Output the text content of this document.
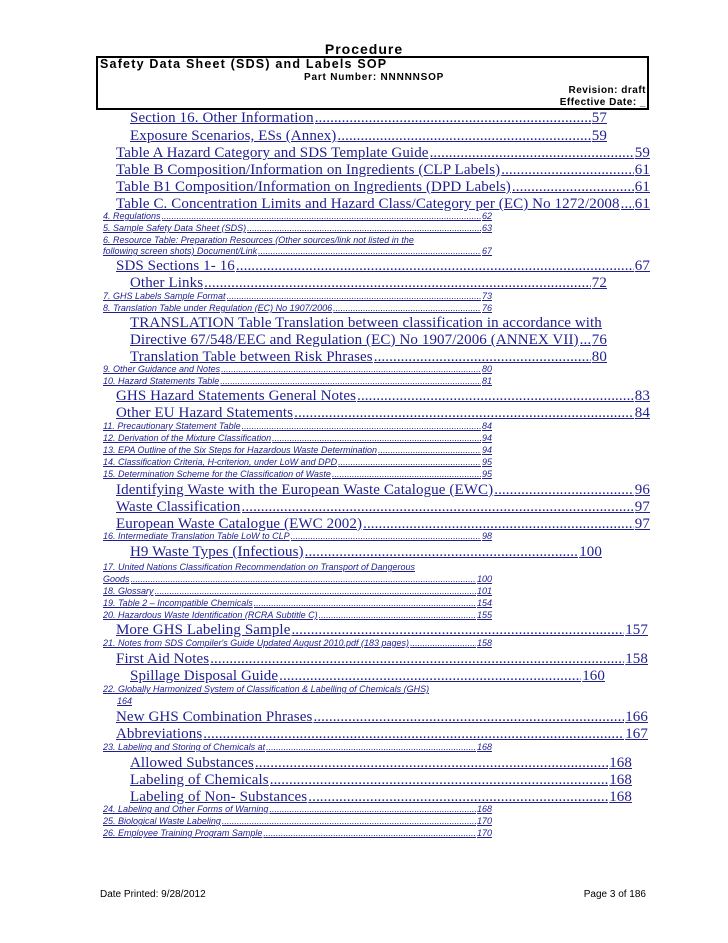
Procedure
Safety Data Sheet (SDS) and Labels SOP
Part Number: NNNNNSOP
Revision: draft
Effective Date: _
Section 16. Other Information .....	57
Exposure Scenarios, ESs (Annex) .....	59
Table A Hazard Category and SDS Template Guide .....	59
Table B Composition/Information on Ingredients (CLP Labels) .....	61
Table B1 Composition/Information on Ingredients (DPD Labels) .....	61
Table C. Concentration Limits and Hazard Class/Category per (EC) No 1272/2008 ..... 61
4. Regulations .....	62
5. Sample Safety Data Sheet (SDS) .....	63
6. Resource Table: Preparation Resources (Other sources/link not listed in the
following screen shots) Document/Link .....	67
SDS Sections 1- 16 .....	67
Other Links .....	72
7. GHS Labels Sample Format .....	73
8. Translation Table under Regulation (EC) No 1907/2006 .....	76
TRANSLATION Table Translation between classification in accordance with
Directive 67/548/EEC and Regulation (EC) No 1907/2006 (ANNEX VII) ..... 76
Translation Table between Risk Phrases .....	80
9. Other Guidance and Notes .....	80
10. Hazard Statements Table .....	81
GHS Hazard Statements General Notes .....	83
Other EU Hazard Statements .....	84
11. Precautionary Statement Table .....	84
12. Derivation of the Mixture Classification .....	94
13. EPA Outline of the Six Steps for Hazardous Waste Determination .....	94
14. Classification Criteria, H-criterion, under LoW and DPD .....	95
15. Determination Scheme for the Classification of Waste .....	95
Identifying Waste with the European Waste Catalogue (EWC) .....	96
Waste Classification .....	97
European Waste Catalogue (EWC 2002) .....	97
16. Intermediate Translation Table LoW to CLP .....	98
H9 Waste Types (Infectious) .....	100
17. United Nations Classification Recommendation on Transport of Dangerous
Goods .....	100
18. Glossary .....	101
19. Table 2 – Incompatible Chemicals .....	154
20. Hazardous Waste Identification (RCRA Subtitle C) .....	155
More GHS Labeling Sample .....	157
21. Notes from SDS Compiler's Guide Updated August 2010.pdf (183 pages) .....	158
First Aid Notes .....	158
Spillage Disposal Guide .....	160
22. Globally Harmonized System of Classification & Labelling of Chemicals (GHS)
164
New GHS Combination Phrases .....	166
Abbreviations .....	167
23. Labeling and Storing of Chemicals at .....	168
Allowed Substances .....	168
Labeling of Chemicals .....	168
Labeling of Non- Substances .....	168
24. Labeling and Other Forms of Warning .....	168
25. Biological Waste Labeling .....	170
26. Employee Training Program Sample .....	170
Date Printed: 9/28/2012	Page 3 of 186
